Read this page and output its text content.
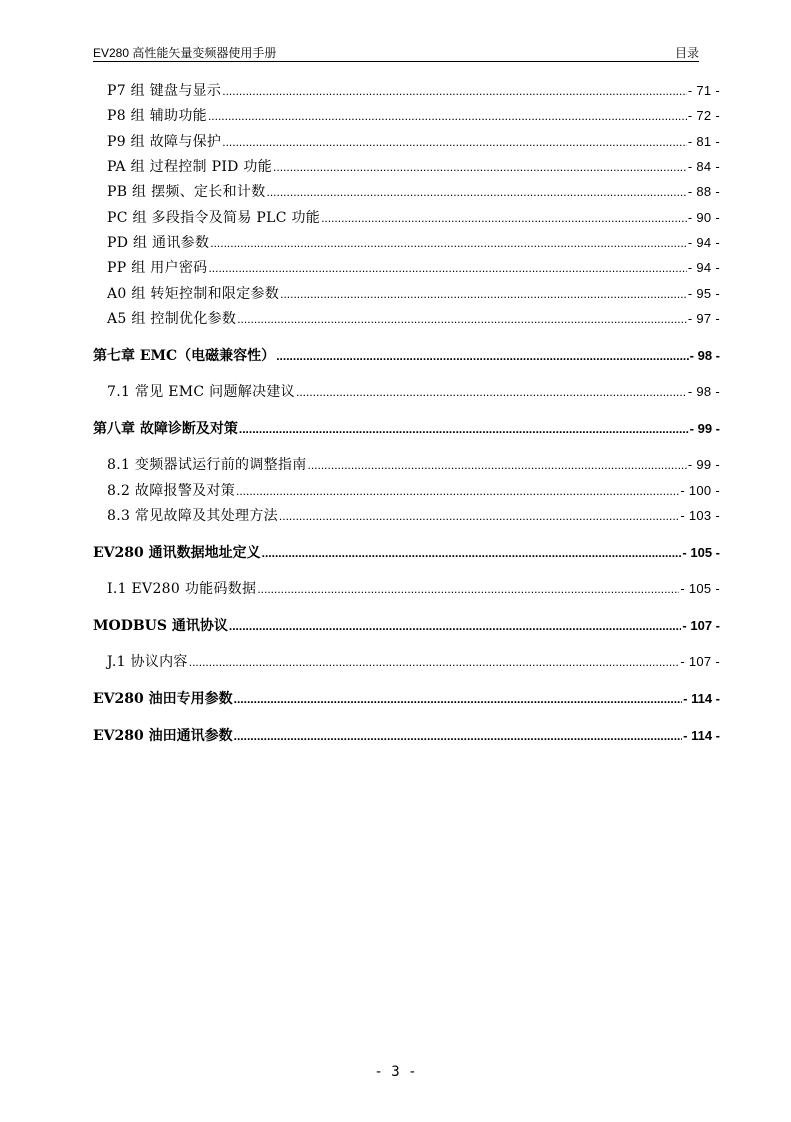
EV280 高性能矢量变频器使用手册	目录
P7 组 键盘与显示 .....	- 71 -
P8 组 辅助功能 .....	- 72 -
P9 组 故障与保护 .....	- 81 -
PA 组 过程控制 PID 功能 .....	- 84 -
PB 组 摆频、定长和计数 .....	- 88 -
PC 组 多段指令及简易 PLC 功能 .....	- 90 -
PD 组 通讯参数 .....	- 94 -
PP 组 用户密码 .....	- 94 -
A0 组 转矩控制和限定参数 .....	- 95 -
A5 组 控制优化参数 .....	- 97 -
第七章 EMC（电磁兼容性） .....	- 98 -
7.1 常见 EMC 问题解决建议 .....	- 98 -
第八章 故障诊断及对策 .....	- 99 -
8.1 变频器试运行前的调整指南 .....	- 99 -
8.2 故障报警及对策 .....	- 100 -
8.3 常见故障及其处理方法 .....	- 103 -
EV280 通讯数据地址定义 .....	- 105 -
I.1 EV280 功能码数据 .....	- 105 -
MODBUS 通讯协议 .....	- 107 -
J.1 协议内容 .....	- 107 -
EV280 油田专用参数 .....	- 114 -
EV280 油田通讯参数 .....	- 114 -
- 3 -
